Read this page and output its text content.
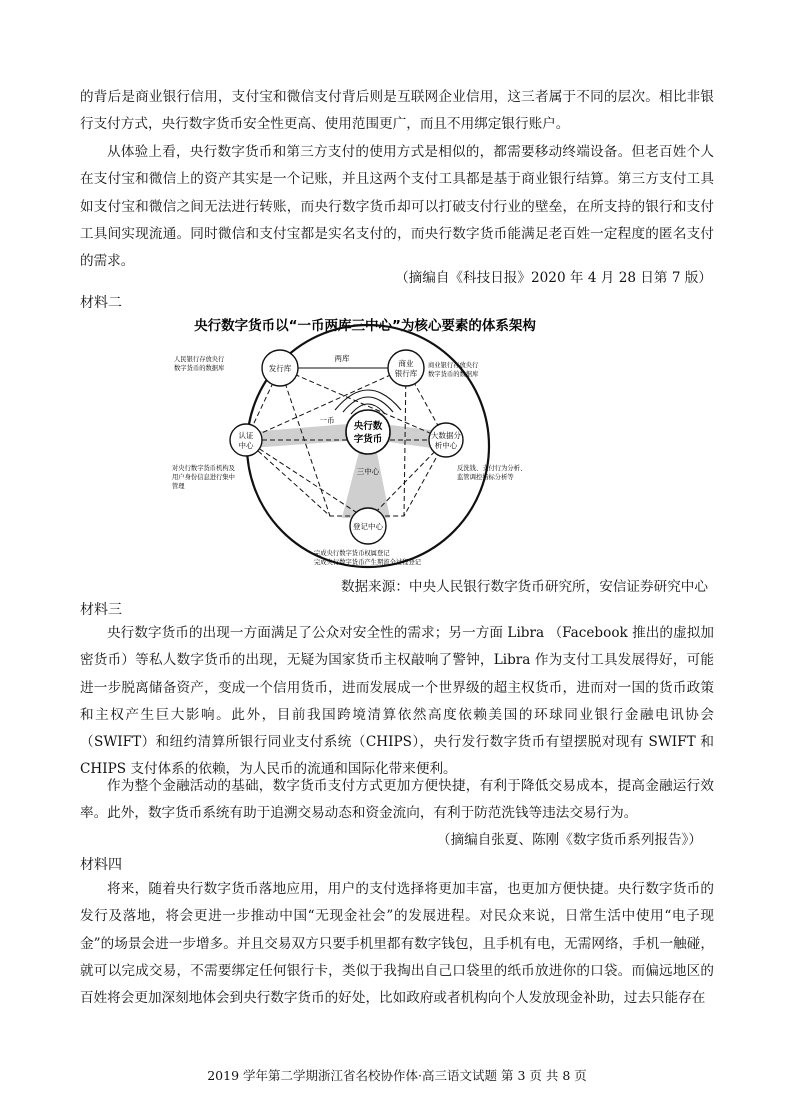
的背后是商业银行信用，支付宝和微信支付背后则是互联网企业信用，这三者属于不同的层次。相比非银
行支付方式，央行数字货币安全性更高、使用范围更广，而且不用绑定银行账户。

从体验上看，央行数字货币和第三方支付的使用方式是相似的，都需要移动终端设备。但老百姓个人在支付宝和微信上的资产其实是一个记账，并且这两个支付工具都是基于商业银行结算。第三方支付工具如支付宝和微信之间无法进行转账，而央行数字货币却可以打破支付行业的壁垒，在所支持的银行和支付工具间实现流通。同时微信和支付宝都是实名支付的，而央行数字货币能满足老百姓一定程度的匿名支付的需求。

（摘编自《科技日报》2020 年 4 月 28 日第 7 版）
材料二
央行数字货币以“一币两库三中心”为核心要素的体系架构
央行数
字货币
发行库
商业
银行库
认证
中心
大数据分
析中心
登记中心
两库
一币
三中心
人民银行存放央行
数字货币的数据库	商业银行存放央行
数字货币的数据库
对央行数字货币机构及
用户身份信息进行集中
管理
反洗钱、支付行为分析、
监管调控指标分析等
完成央行数字货币权属登记
完成央行数字货币产生期流全过程登记
数据来源：中央人民银行数字货币研究所，安信证券研究中心
材料三

央行数字货币的出现一方面满足了公众对安全性的需求；另一方面 Libra （Facebook 推出的虚拟加密货币）等私人数字货币的出现，无疑为国家货币主权敲响了警钟，Libra 作为支付工具发展得好，可能进一步脱离储备资产，变成一个信用货币，进而发展成一个世界级的超主权货币，进而对一国的货币政策和主权产生巨大影响。此外，目前我国跨境清算依然高度依赖美国的环球同业银行金融电讯协会（SWIFT）和纽约清算所银行同业支付系统（CHIPS），央行发行数字货币有望摆脱对现有 SWIFT 和 CHIPS 支付体系的依赖，为人民币的流通和国际化带来便利。

作为整个金融活动的基础，数字货币支付方式更加方便快捷，有利于降低交易成本，提高金融运行效率。此外，数字货币系统有助于追溯交易动态和资金流向，有利于防范洗钱等违法交易行为。

（摘编自张夏、陈刚《数字货币系列报告》）
材料四

将来，随着央行数字货币落地应用，用户的支付选择将更加丰富，也更加方便快捷。央行数字货币的发行及落地，将会更进一步推动中国“无现金社会”的发展进程。对民众来说，日常生活中使用“电子现金”的场景会进一步增多。并且交易双方只要手机里都有数字钱包，且手机有电，无需网络，手机一触碰，就可以完成交易，不需要绑定任何银行卡，类似于我掏出自己口袋里的纸币放进你的口袋。而偏远地区的百姓将会更加深刻地体会到央行数字货币的好处，比如政府或者机构向个人发放现金补助，过去只能存在

2019 学年第二学期浙江省名校协作体·高三语文试题 第 3 页 共 8 页
